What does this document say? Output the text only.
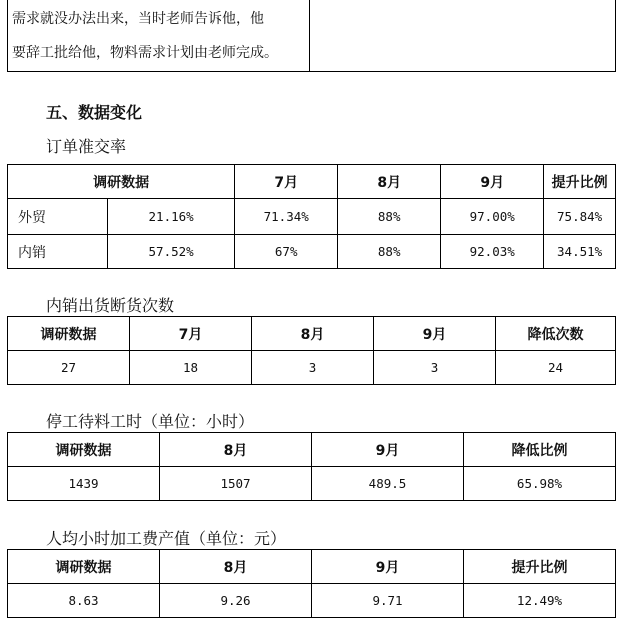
需求就没办法出来，当时老师告诉他，他
要辞工批给他，物料需求计划由老师完成。

五、数据变化
订单准交率
调研数据		7月	8月	9月	提升比例
外贸	21.16%	71.34%	88%	97.00%	75.84%
内销	57.52%	67%	88%	92.03%	34.51%
内销出货断货次数
调研数据	7月	8月	9月	降低次数
27	18	3	3	24
停工待料工时（单位：小时）
调研数据	8月	9月	降低比例
1439	1507	489.5	65.98%
人均小时加工费产值（单位：元）
调研数据	8月	9月	提升比例
8.63	9.26	9.71	12.49%
